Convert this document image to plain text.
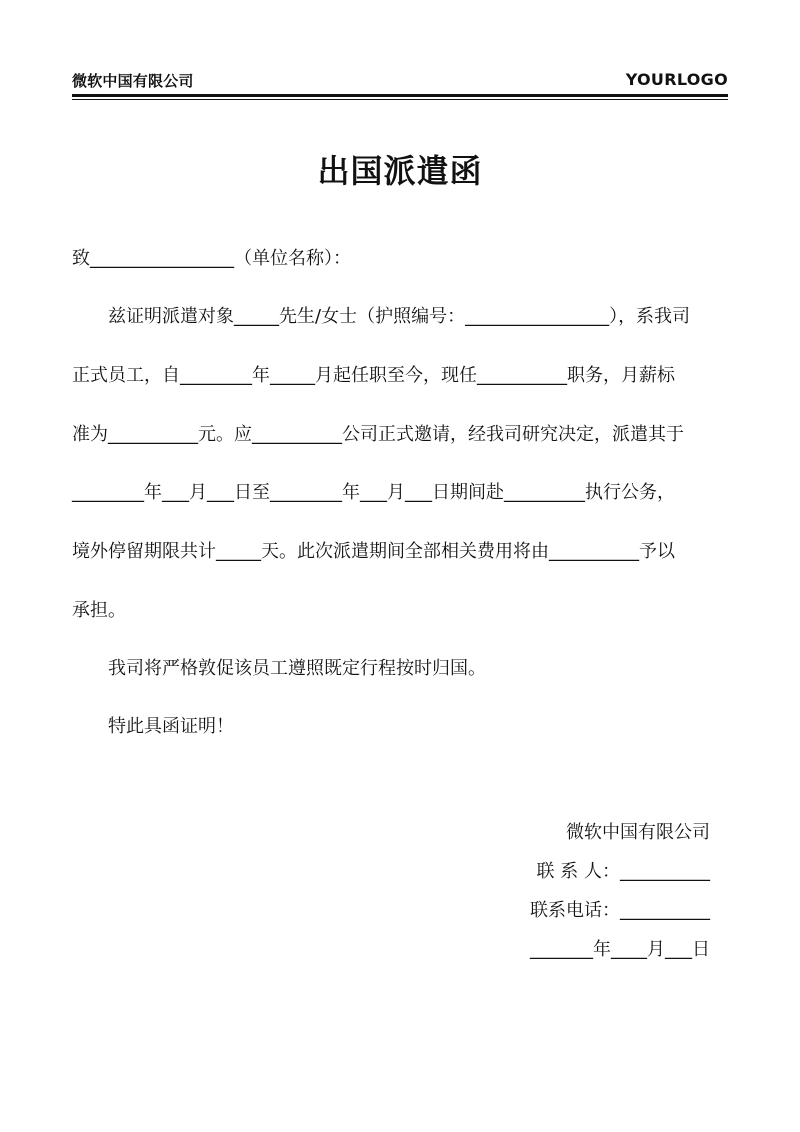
微软中国有限公司	YOURLOGO
出国派遣函
致________________（单位名称）：
兹证明派遣对象_____先生/女士（护照编号：________________），系我司
正式员工，自________年_____月起任职至今，现任__________职务，月薪标
准为__________元。应__________公司正式邀请，经我司研究决定，派遣其于
________年___月___日至________年___月___日期间赴_________执行公务，
境外停留期限共计_____天。此次派遣期间全部相关费用将由__________予以
承担。
我司将严格敦促该员工遵照既定行程按时归国。
特此具函证明！
微软中国有限公司
联 系 人：__________
联系电话：__________
_______年____月___日
